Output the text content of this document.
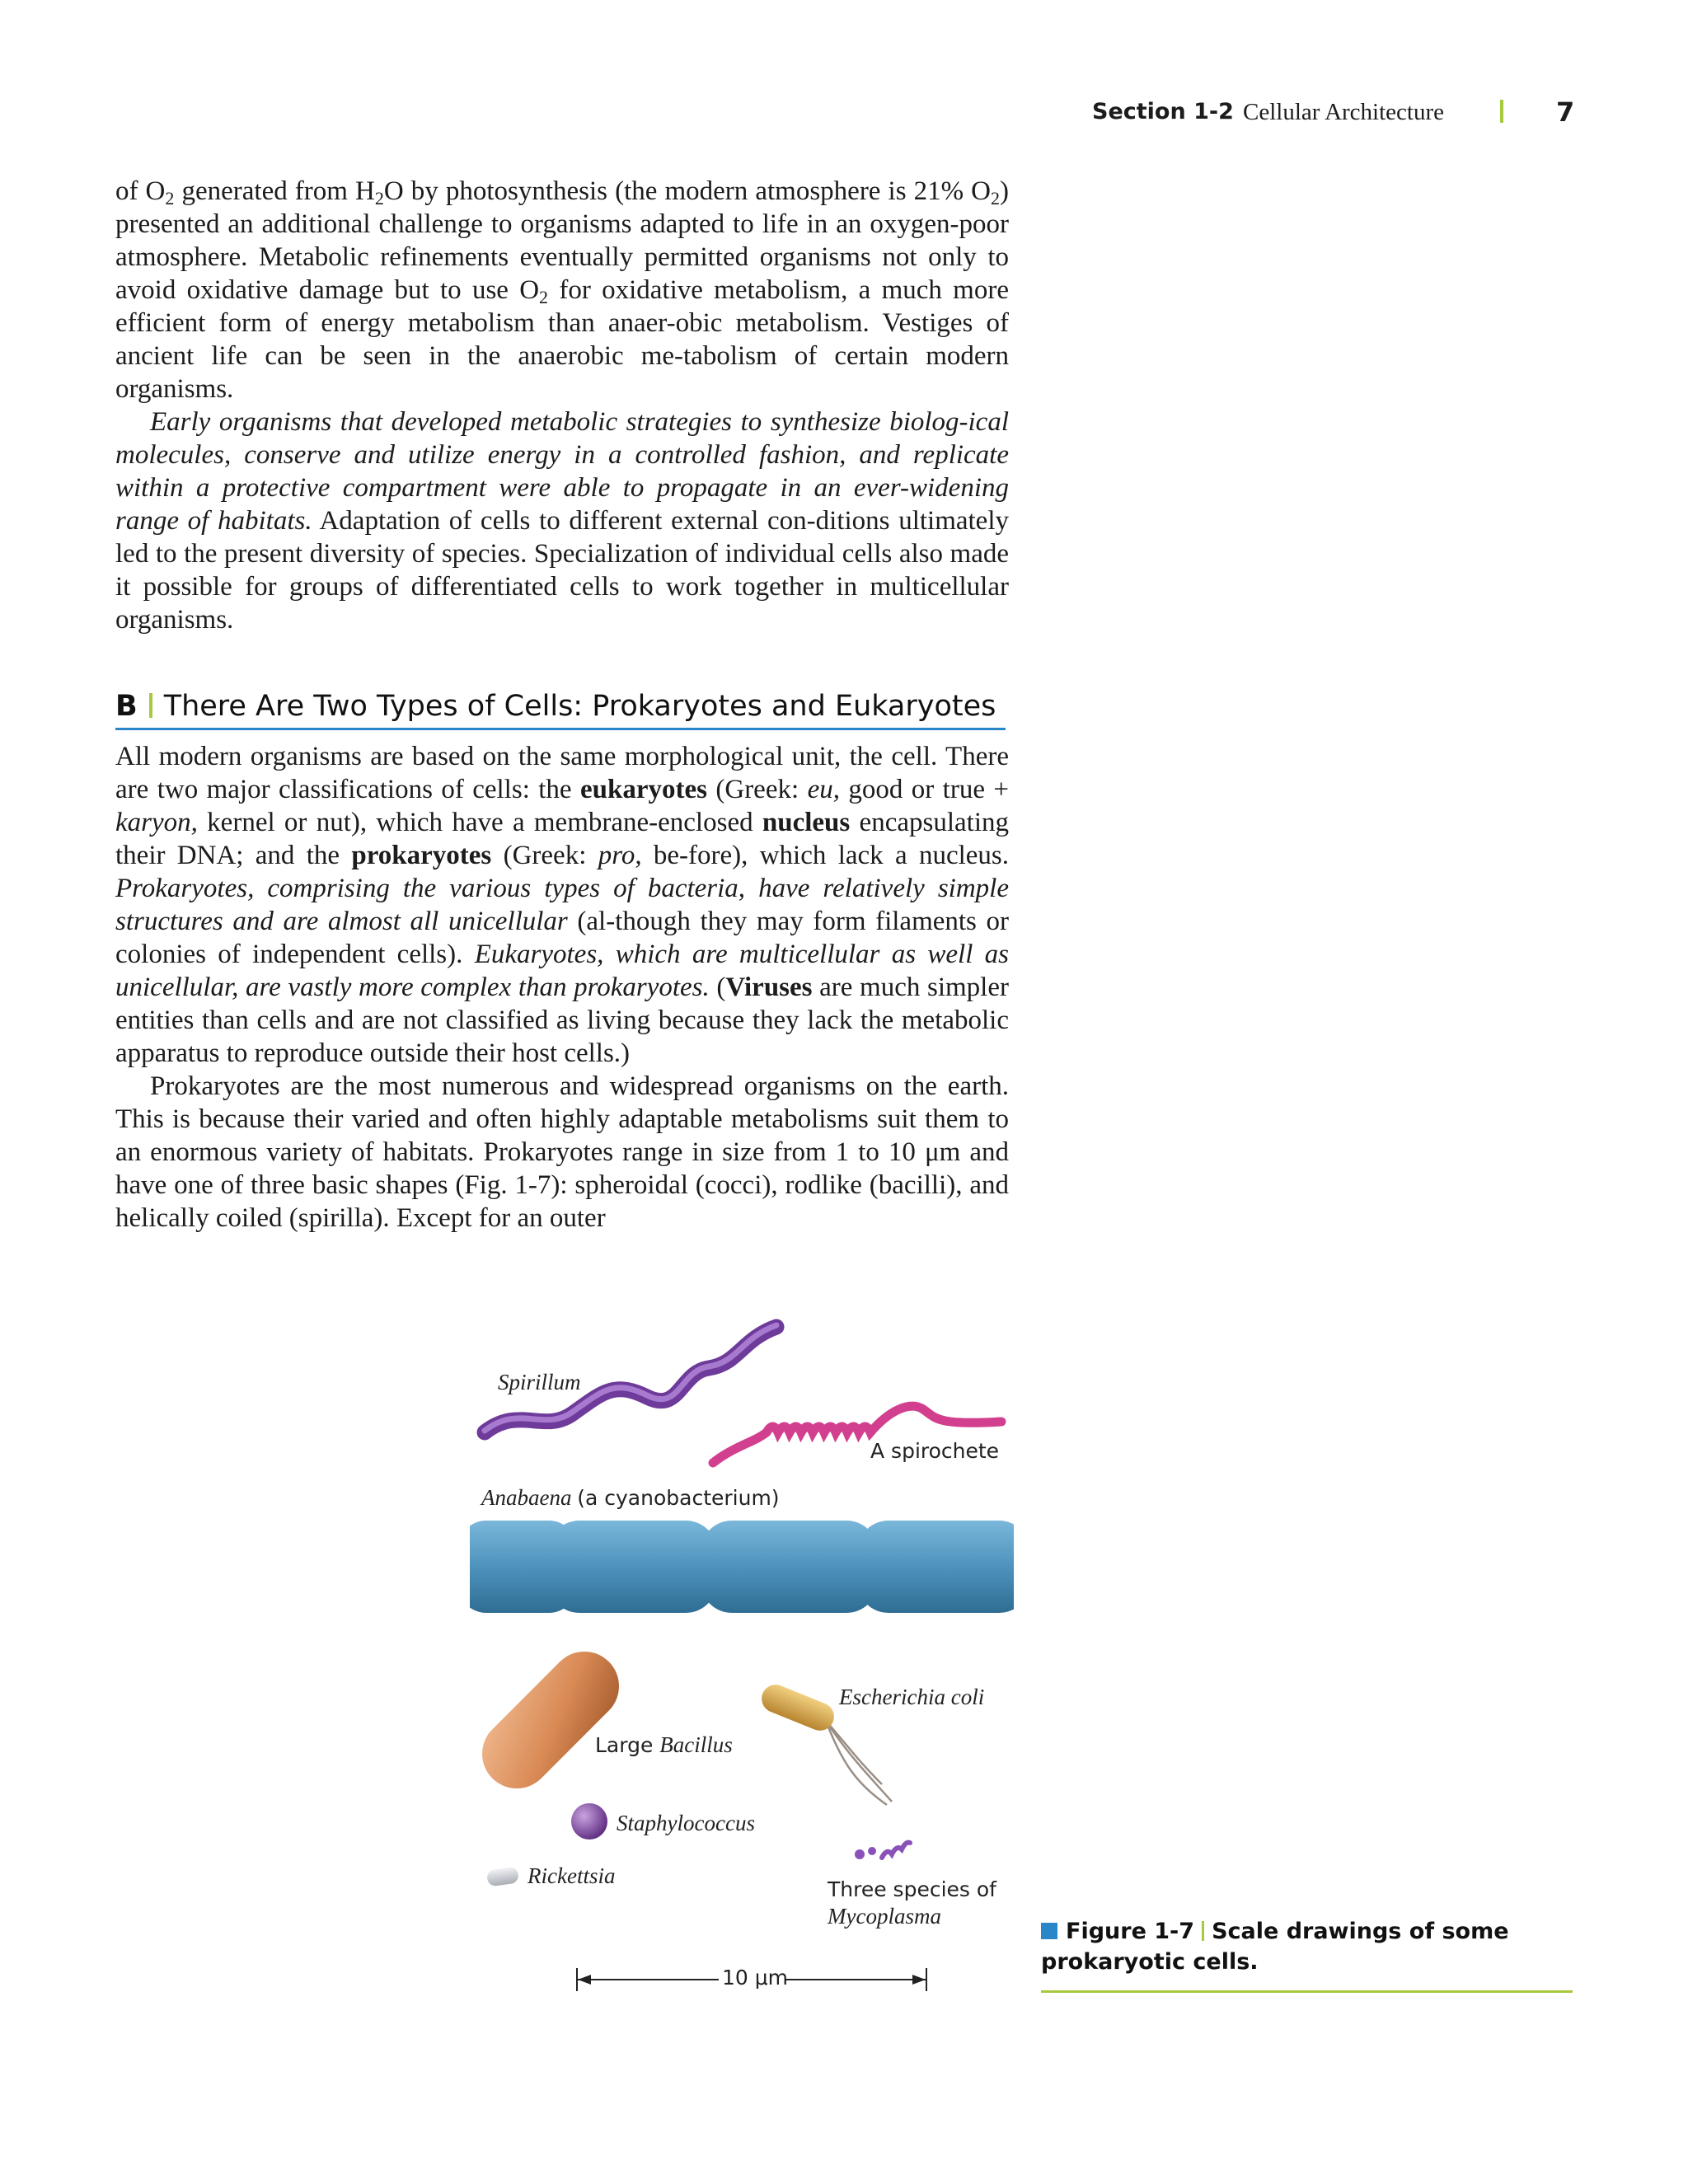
Section 1-2 Cellular Architecture	7

of $O_2$ generated from $H_2O$ by photosynthesis (the modern atmosphere is 21% $O_2$) presented an additional challenge to organisms adapted to life in an oxygen-poor atmosphere. Metabolic refinements eventually permitted organisms not only to avoid oxidative damage but to use $O_2$ for oxidative metabolism, a much more efficient form of energy metabolism than anaer-obic metabolism. Vestiges of ancient life can be seen in the anaerobic me-tabolism of certain modern organisms.

Early organisms that developed metabolic strategies to synthesize biolog-ical molecules, conserve and utilize energy in a controlled fashion, and replicate within a protective compartment were able to propagate in an ever-widening range of habitats. Adaptation of cells to different external con-ditions ultimately led to the present diversity of species. Specialization of individual cells also made it possible for groups of differentiated cells to work together in multicellular organisms.

B There Are Two Types of Cells: Prokaryotes and Eukaryotes

All modern organisms are based on the same morphological unit, the cell. There are two major classifications of cells: the eukaryotes (Greek: eu, good or true + karyon, kernel or nut), which have a membrane-enclosed nucleus encapsulating their DNA; and the prokaryotes (Greek: pro, be-fore), which lack a nucleus. Prokaryotes, comprising the various types of bacteria, have relatively simple structures and are almost all unicellular (al-though they may form filaments or colonies of independent cells). Eukaryotes, which are multicellular as well as unicellular, are vastly more complex than prokaryotes. (Viruses are much simpler entities than cells and are not classified as living because they lack the metabolic apparatus to reproduce outside their host cells.)

Prokaryotes are the most numerous and widespread organisms on the earth. This is because their varied and often highly adaptable metabolisms suit them to an enormous variety of habitats. Prokaryotes range in size from 1 to 10 μm and have one of three basic shapes (Fig. 1-7): spheroidal (cocci), rodlike (bacilli), and helically coiled (spirilla). Except for an outer

Spirillum
A spirochete
Anabaena (a cyanobacterium)
Escherichia coli
Large Bacillus
Staphylococcus
Rickettsia
Three species of
Mycoplasma
10 μm
Figure 1-7 Scale drawings of some prokaryotic cells.
